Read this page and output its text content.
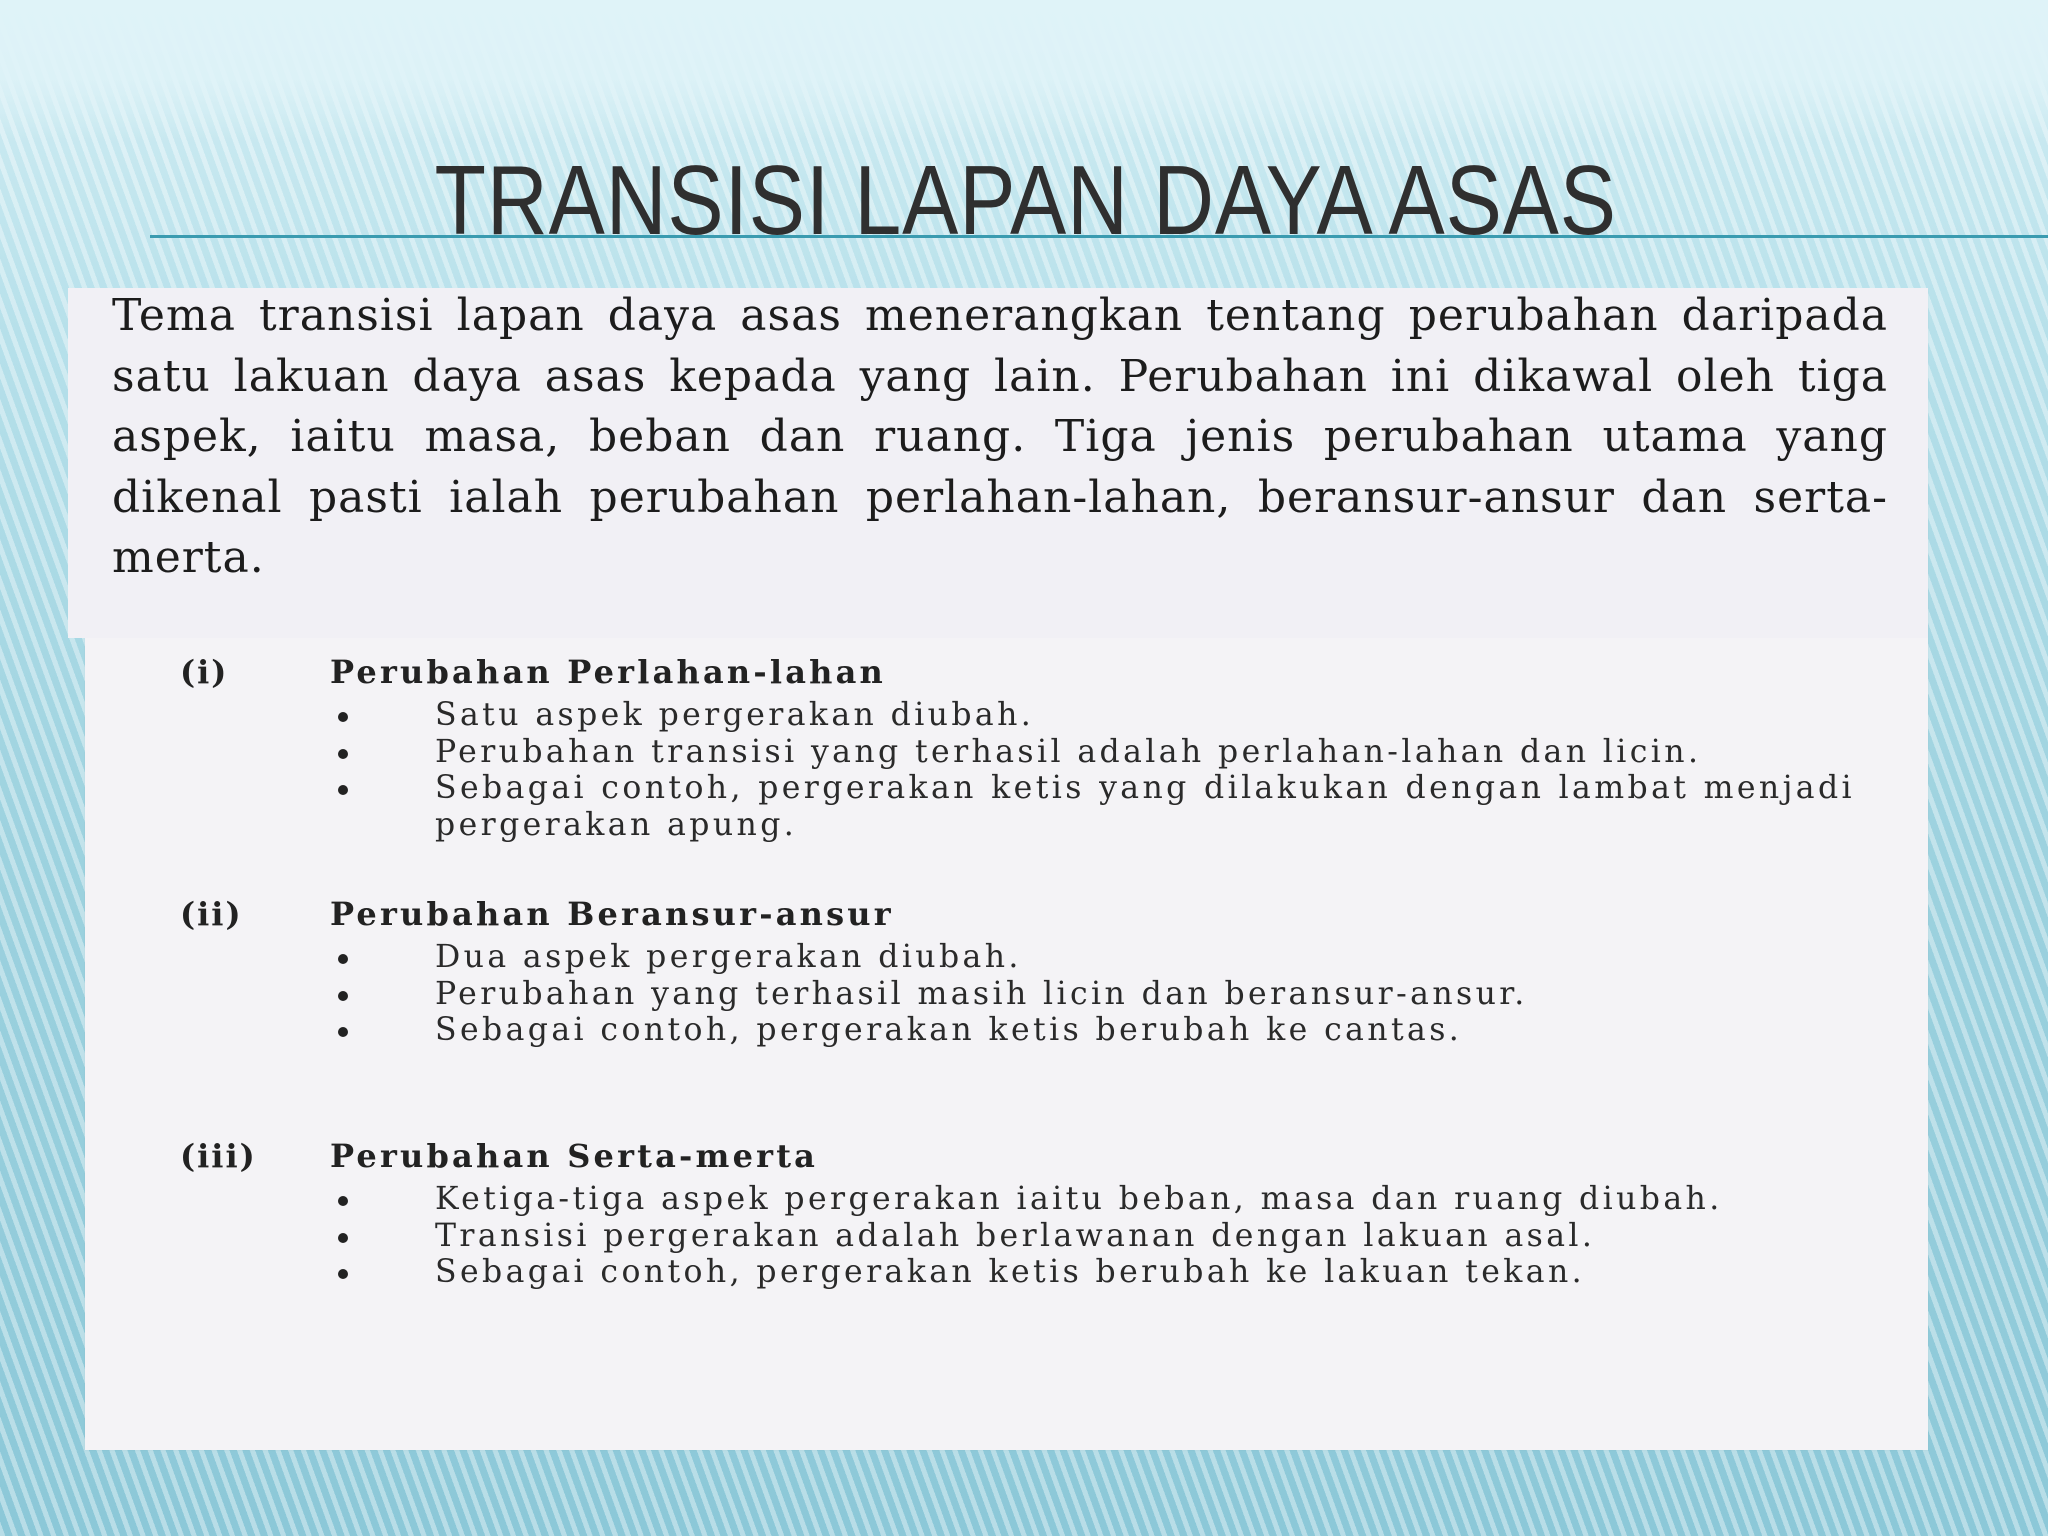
TRANSISI LAPAN DAYA ASAS

Tema transisi lapan daya asas menerangkan tentang perubahan daripada satu lakuan daya asas kepada yang lain. Perubahan ini dikawal oleh tiga aspek, iaitu masa, beban dan ruang. Tiga jenis perubahan utama yang dikenal pasti ialah perubahan perlahan-lahan, beransur-ansur dan serta-merta.

(i)	Perubahan Perlahan-lahan
Satu aspek pergerakan diubah.
Perubahan transisi yang terhasil adalah perlahan-lahan dan licin.
Sebagai contoh, pergerakan ketis yang dilakukan dengan lambat menjadi pergerakan apung.
(ii)	Perubahan Beransur-ansur
Dua aspek pergerakan diubah.
Perubahan yang terhasil masih licin dan beransur-ansur.
Sebagai contoh, pergerakan ketis berubah ke cantas.
(iii)	Perubahan Serta-merta
Ketiga-tiga aspek pergerakan iaitu beban, masa dan ruang diubah.
Transisi pergerakan adalah berlawanan dengan lakuan asal.
Sebagai contoh, pergerakan ketis berubah ke lakuan tekan.
